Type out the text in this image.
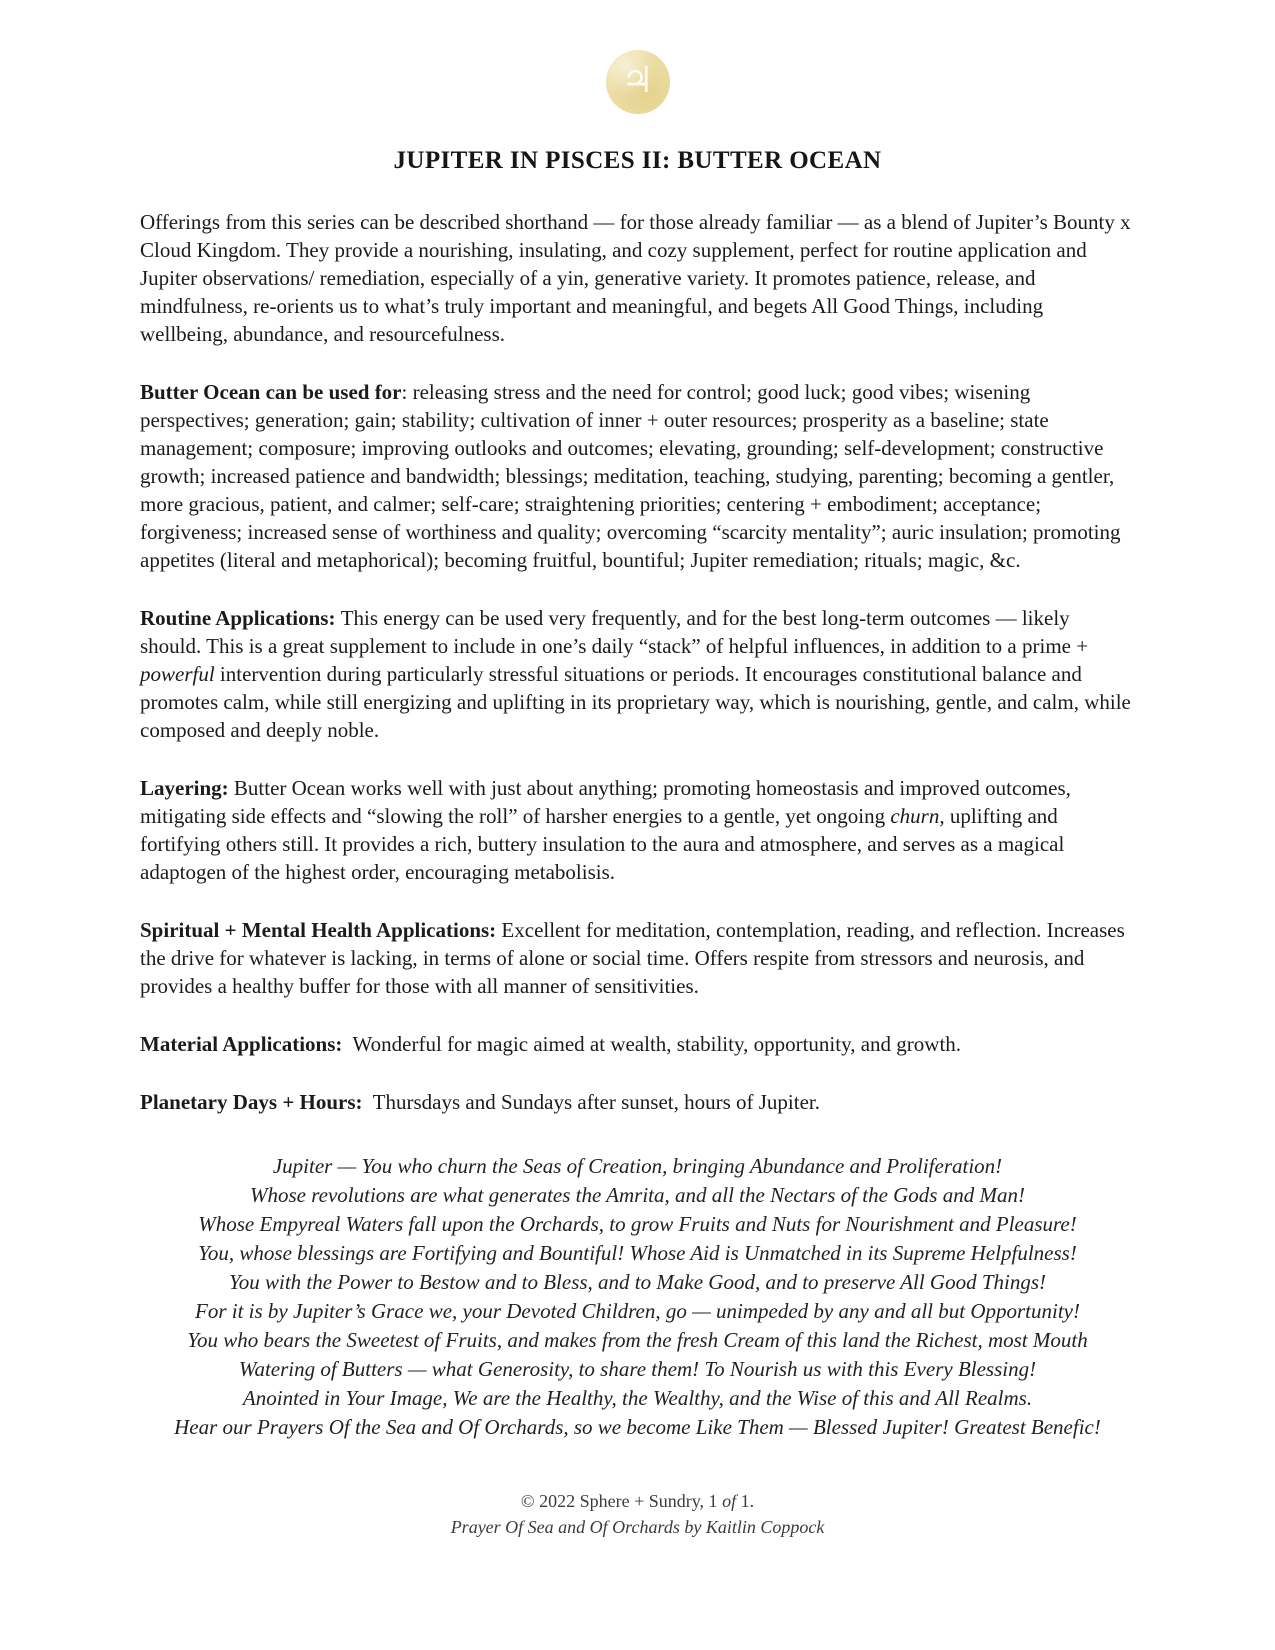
♃
JUPITER IN PISCES II: BUTTER OCEAN

Offerings from this series can be described shorthand — for those already familiar — as a blend of Jupiter’s Bounty x Cloud Kingdom. They provide a nourishing, insulating, and cozy supplement, perfect for routine application and Jupiter observations/ remediation, especially of a yin, generative variety. It promotes patience, release, and mindfulness, re-orients us to what’s truly important and meaningful, and begets All Good Things, including wellbeing, abundance, and resourcefulness.

Butter Ocean can be used for: releasing stress and the need for control; good luck; good vibes; wisening perspectives; generation; gain; stability; cultivation of inner + outer resources; prosperity as a baseline; state management; composure; improving outlooks and outcomes; elevating, grounding; self-development; constructive growth; increased patience and bandwidth; blessings; meditation, teaching, studying, parenting; becoming a gentler, more gracious, patient, and calmer; self-care; straightening priorities; centering + embodiment; acceptance; forgiveness; increased sense of worthiness and quality; overcoming “scarcity mentality”; auric insulation; promoting appetites (literal and metaphorical); becoming fruitful, bountiful; Jupiter remediation; rituals; magic, &c.

Routine Applications: This energy can be used very frequently, and for the best long-term outcomes — likely should. This is a great supplement to include in one’s daily “stack” of helpful influences, in addition to a prime + powerful intervention during particularly stressful situations or periods. It encourages constitutional balance and promotes calm, while still energizing and uplifting in its proprietary way, which is nourishing, gentle, and calm, while composed and deeply noble.

Layering: Butter Ocean works well with just about anything; promoting homeostasis and improved outcomes, mitigating side effects and “slowing the roll” of harsher energies to a gentle, yet ongoing churn, uplifting and fortifying others still. It provides a rich, buttery insulation to the aura and atmosphere, and serves as a magical adaptogen of the highest order, encouraging metabolisis.

Spiritual + Mental Health Applications: Excellent for meditation, contemplation, reading, and reflection. Increases the drive for whatever is lacking, in terms of alone or social time. Offers respite from stressors and neurosis, and provides a healthy buffer for those with all manner of sensitivities.

Material Applications:  Wonderful for magic aimed at wealth, stability, opportunity, and growth.

Planetary Days + Hours:  Thursdays and Sundays after sunset, hours of Jupiter.

Jupiter — You who churn the Seas of Creation, bringing Abundance and Proliferation!
Whose revolutions are what generates the Amrita, and all the Nectars of the Gods and Man!
Whose Empyreal Waters fall upon the Orchards, to grow Fruits and Nuts for Nourishment and Pleasure!
You, whose blessings are Fortifying and Bountiful! Whose Aid is Unmatched in its Supreme Helpfulness!
You with the Power to Bestow and to Bless, and to Make Good, and to preserve All Good Things!
For it is by Jupiter’s Grace we, your Devoted Children, go — unimpeded by any and all but Opportunity!
You who bears the Sweetest of Fruits, and makes from the fresh Cream of this land the Richest, most Mouth
Watering of Butters — what Generosity, to share them! To Nourish us with this Every Blessing!
Anointed in Your Image, We are the Healthy, the Wealthy, and the Wise of this and All Realms.
Hear our Prayers Of the Sea and Of Orchards, so we become Like Them — Blessed Jupiter! Greatest Benefic!
© 2022 Sphere + Sundry, 1 of 1.
Prayer Of Sea and Of Orchards by Kaitlin Coppock
